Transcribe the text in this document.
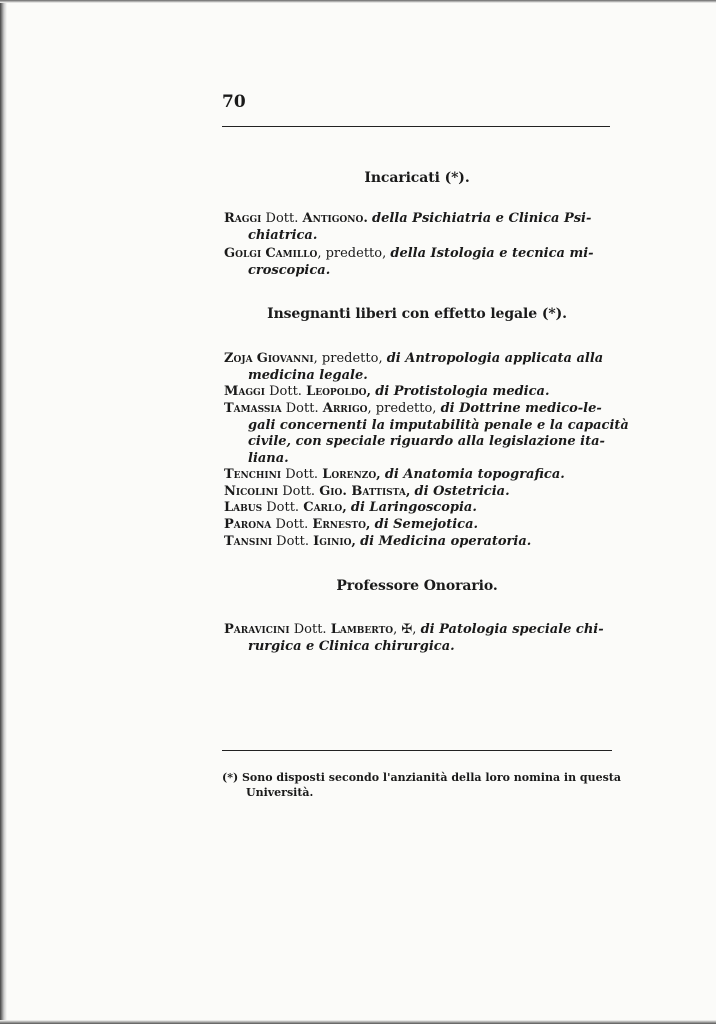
70
Incaricati (*).
Raggi Dott. Antigono. della Psichiatria e Clinica Psi-
chiatrica.
Golgi Camillo, predetto, della Istologia e tecnica mi-
croscopica.
Insegnanti liberi con effetto legale (*).
Zoja Giovanni, predetto, di Antropologia applicata alla
medicina legale.
Maggi Dott. Leopoldo, di Protistologia medica.
Tamassia Dott. Arrigo, predetto, di Dottrine medico-le-
gali concernenti la imputabilità penale e la capacità
civile, con speciale riguardo alla legislazione ita-
liana.
Tenchini Dott. Lorenzo, di Anatomia topografica.
Nicolini Dott. Gio. Battista, di Ostetricia.
Labus Dott. Carlo, di Laringoscopia.
Parona Dott. Ernesto, di Semejotica.
Tansini Dott. Iginio, di Medicina operatoria.
Professore Onorario.
Paravicini Dott. Lamberto, ✠, di Patologia speciale chi-
rurgica e Clinica chirurgica.
(*) Sono disposti secondo l'anzianità della loro nomina in questa
Università.
